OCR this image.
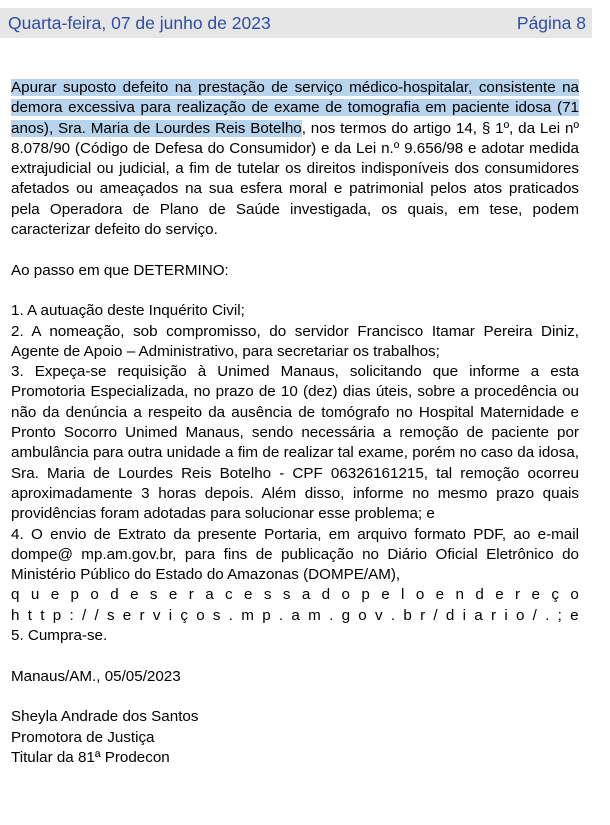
Quarta-feira, 07 de junho de 2023	Página 8

Apurar suposto defeito na prestação de serviço médico-hospitalar, consistente na demora excessiva para realização de exame de tomografia em paciente idosa (71 anos), Sra. Maria de Lourdes Reis Botelho, nos termos do artigo 14, § 1º, da Lei nº 8.078/90 (Código de Defesa do Consumidor) e da Lei n.º 9.656/98 e adotar medida extrajudicial ou judicial, a fim de tutelar os direitos indisponíveis dos consumidores afetados ou ameaçados na sua esfera moral e patrimonial pelos atos praticados pela Operadora de Plano de Saúde investigada, os quais, em tese, podem caracterizar defeito do serviço.

Ao passo em que DETERMINO:

1. A autuação deste Inquérito Civil;

2. A nomeação, sob compromisso, do servidor Francisco Itamar Pereira Diniz, Agente de Apoio – Administrativo, para secretariar os trabalhos;

3. Expeça-se requisição à Unimed Manaus, solicitando que informe a esta Promotoria Especializada, no prazo de 10 (dez) dias úteis, sobre a procedência ou não da denúncia a respeito da ausência de tomógrafo no Hospital Maternidade e Pronto Socorro Unimed Manaus, sendo necessária a remoção de paciente por ambulância para outra unidade a fim de realizar tal exame, porém no caso da idosa, Sra. Maria de Lourdes Reis Botelho - CPF 06326161215, tal remoção ocorreu aproximadamente 3 horas depois. Além disso, informe no mesmo prazo quais providências foram adotadas para solucionar esse problema; e

4. O envio de Extrato da presente Portaria, em arquivo formato PDF, ao e-mail dompe@ mp.am.gov.br, para fins de publicação no Diário Oficial Eletrônico do Ministério Público do Estado do Amazonas (DOMPE/AM),

q u e p o d e s e r a c e s s a d o p e l o e n d e r e ç o

h t t p : / / s e r v i ç o s . m p . a m . g o v . b r / d i a r i o / . ; e

5. Cumpra-se.

Manaus/AM., 05/05/2023

Sheyla Andrade dos Santos

Promotora de Justiça

Titular da 81ª Prodecon
